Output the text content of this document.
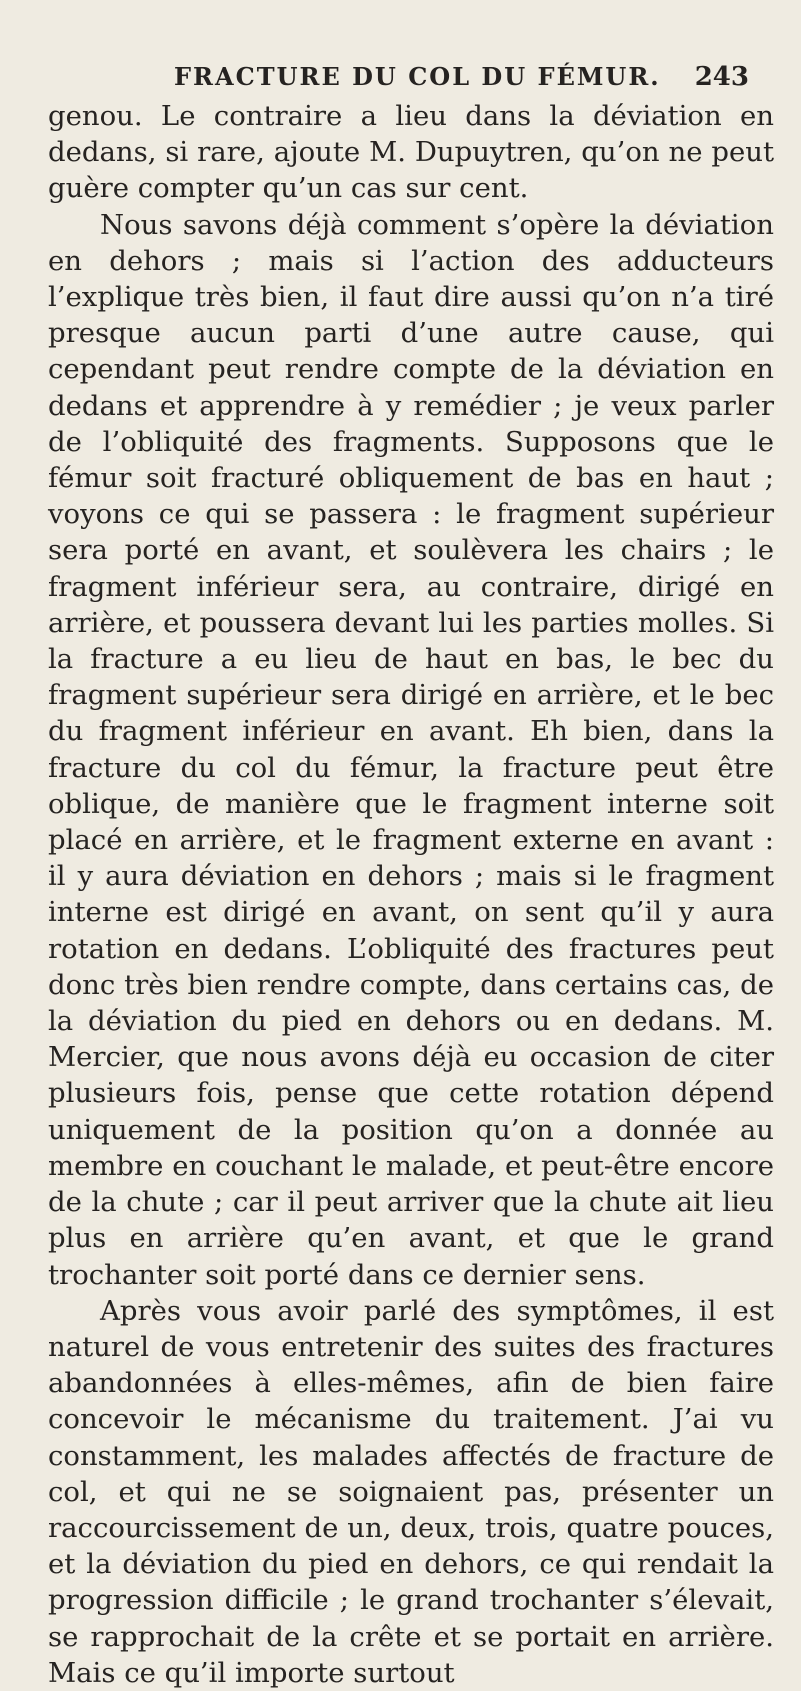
FRACTURE DU COL DU FÉMUR. 243

genou. Le contraire a lieu dans la déviation en dedans, si rare, ajoute M. Dupuytren, qu’on ne peut guère compter qu’un cas sur cent.

Nous savons déjà comment s’opère la déviation en dehors ; mais si l’action des adducteurs l’explique très bien, il faut dire aussi qu’on n’a tiré presque aucun parti d’une autre cause, qui cependant peut rendre compte de la déviation en dedans et apprendre à y remédier ; je veux parler de l’obliquité des fragments. Supposons que le fémur soit fracturé obliquement de bas en haut ; voyons ce qui se passera : le fragment supérieur sera porté en avant, et soulèvera les chairs ; le fragment inférieur sera, au contraire, dirigé en arrière, et poussera devant lui les parties molles. Si la fracture a eu lieu de haut en bas, le bec du fragment supérieur sera dirigé en arrière, et le bec du fragment inférieur en avant. Eh bien, dans la fracture du col du fémur, la fracture peut être oblique, de manière que le fragment interne soit placé en arrière, et le fragment externe en avant : il y aura déviation en dehors ; mais si le fragment interne est dirigé en avant, on sent qu’il y aura rotation en dedans. L’obliquité des fractures peut donc très bien rendre compte, dans certains cas, de la déviation du pied en dehors ou en dedans. M. Mercier, que nous avons déjà eu occasion de citer plusieurs fois, pense que cette rotation dépend uniquement de la position qu’on a donnée au membre en couchant le malade, et peut-être encore de la chute ; car il peut arriver que la chute ait lieu plus en arrière qu’en avant, et que le grand trochanter soit porté dans ce dernier sens.

Après vous avoir parlé des symptômes, il est naturel de vous entretenir des suites des fractures abandonnées à elles-mêmes, afin de bien faire concevoir le mécanisme du traitement. J’ai vu constamment, les malades affectés de fracture de col, et qui ne se soignaient pas, présenter un raccourcissement de un, deux, trois, quatre pouces, et la déviation du pied en dehors, ce qui rendait la progression difficile ; le grand trochanter s’élevait, se rapprochait de la crête et se portait en arrière. Mais ce qu’il importe surtout
